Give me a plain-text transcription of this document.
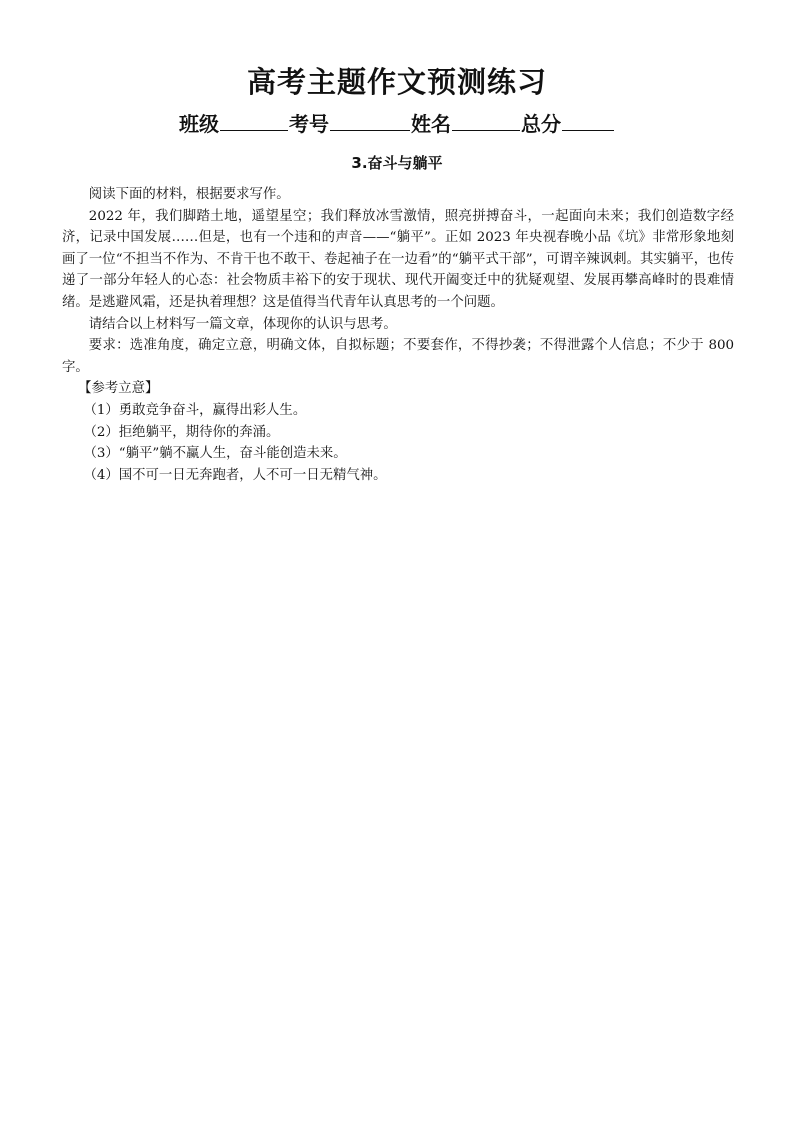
高考主题作文预测练习
班级	考号	姓名	总分
3.奋斗与躺平

阅读下面的材料，根据要求写作。

2022 年，我们脚踏土地，遥望星空；我们释放冰雪激情，照亮拼搏奋斗，一起面向未来；我们创造数字经济，记录中国发展……但是，也有一个违和的声音——“躺平”。正如 2023 年央视春晚小品《坑》非常形象地刻画了一位“不担当不作为、不肯干也不敢干、卷起袖子在一边看”的“躺平式干部”，可谓辛辣讽刺。其实躺平，也传递了一部分年轻人的心态：社会物质丰裕下的安于现状、现代开阖变迁中的犹疑观望、发展再攀高峰时的畏难情绪。是逃避风霜，还是执着理想？这是值得当代青年认真思考的一个问题。

请结合以上材料写一篇文章，体现你的认识与思考。

要求：选准角度，确定立意，明确文体，自拟标题；不要套作，不得抄袭；不得泄露个人信息；不少于 800 字。

【参考立意】

（1）勇敢竞争奋斗，赢得出彩人生。

（2）拒绝躺平，期待你的奔涌。

（3）“躺平”躺不赢人生，奋斗能创造未来。

（4）国不可一日无奔跑者，人不可一日无精气神。
